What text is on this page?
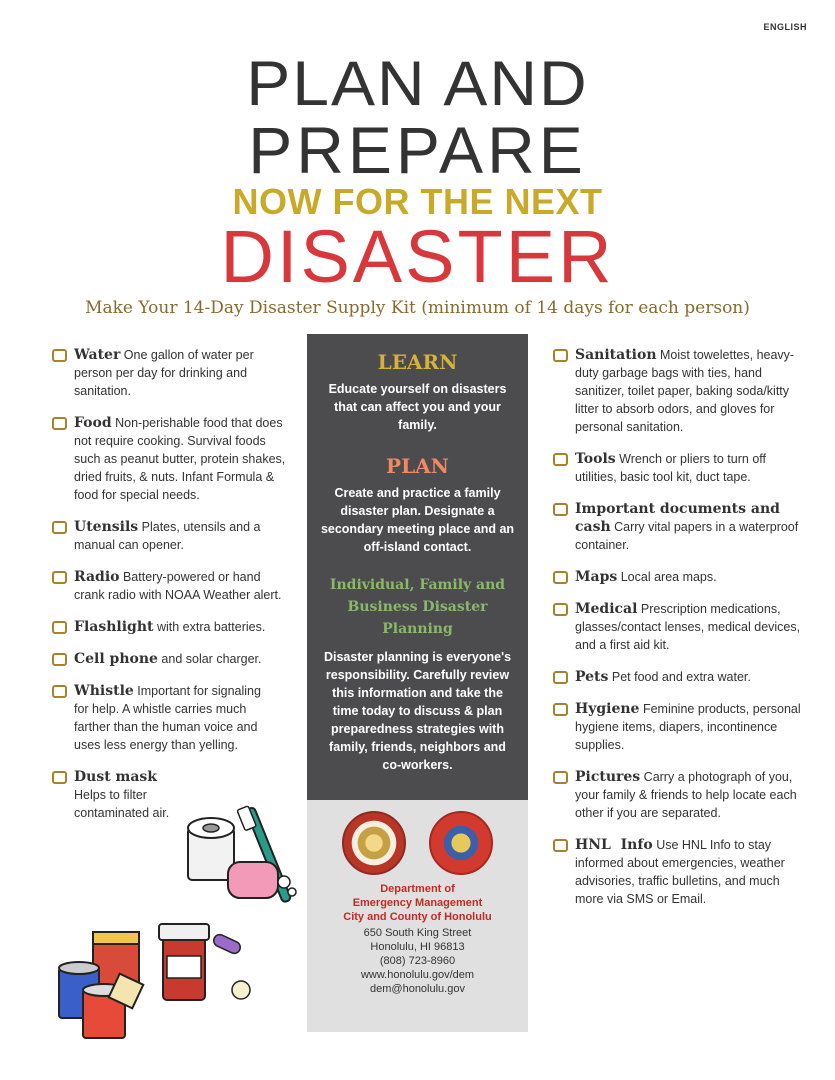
ENGLISH
PLAN AND
PREPARE
NOW FOR THE NEXT
DISASTER
Make Your 14-Day Disaster Supply Kit (minimum of 14 days for each person)
Water One gallon of water per person per day for drinking and sanitation.
Food Non-perishable food that does not require cooking. Survival foods such as peanut butter, protein shakes, dried fruits, & nuts. Infant Formula & food for special needs.
Utensils Plates, utensils and a manual can opener.
Radio Battery-powered or hand crank radio with NOAA Weather alert.
Flashlight with extra batteries.
Cell phone and solar charger.
Whistle Important for signaling for help. A whistle carries much farther than the human voice and uses less energy than yelling.
Dust mask Helps to filter contaminated air.
LEARN
Educate yourself on disasters that can affect you and your family.
PLAN
Create and practice a family disaster plan. Designate a secondary meeting place and an off-island contact.
Individual, Family and Business Disaster Planning
Disaster planning is everyone's responsibility. Carefully review this information and take the time today to discuss & plan preparedness strategies with family, friends, neighbors and co-workers.
Department of
Emergency Management
City and County of Honolulu
650 South King Street
Honolulu, HI 96813
(808) 723-8960
www.honolulu.gov/dem
dem@honolulu.gov
Sanitation Moist towelettes, heavy-duty garbage bags with ties, hand sanitizer, toilet paper, baking soda/kitty litter to absorb odors, and gloves for personal sanitation.
Tools Wrench or pliers to turn off utilities, basic tool kit, duct tape.
Important documents and cash Carry vital papers in a waterproof container.
Maps Local area maps.
Medical Prescription medications, glasses/contact lenses, medical devices, and a first aid kit.
Pets Pet food and extra water.
Hygiene Feminine products, personal hygiene items, diapers, incontinence supplies.
Pictures Carry a photograph of you, your family & friends to help locate each other if you are separated.
HNL  Info Use HNL Info to stay informed about emergencies, weather advisories, traffic bulletins, and much more via SMS or Email.
